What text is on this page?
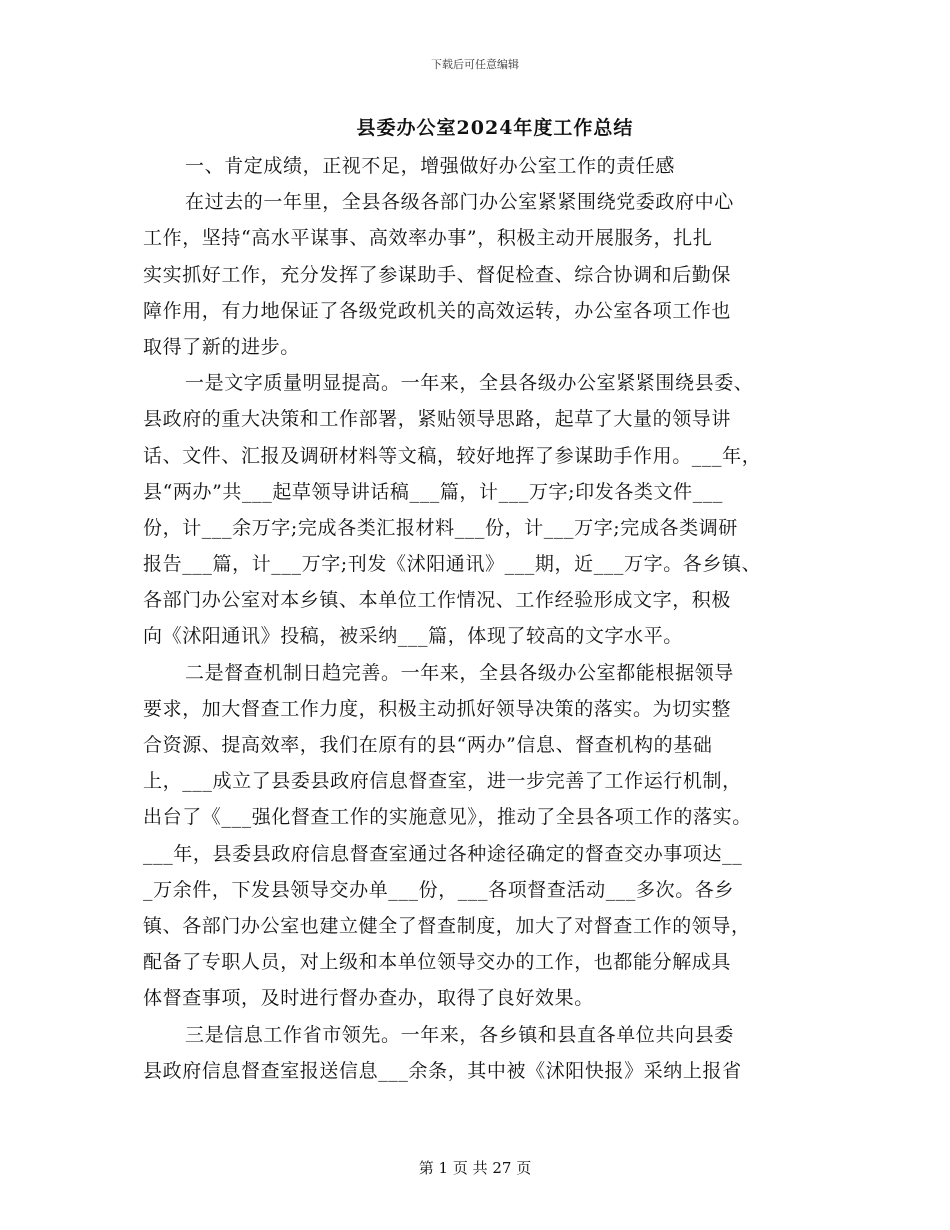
下载后可任意编辑
县委办公室2024年度工作总结
一、肯定成绩，正视不足，增强做好办公室工作的责任感
在过去的一年里，全县各级各部门办公室紧紧围绕党委政府中心
工作，坚持“高水平谋事、高效率办事”，积极主动开展服务，扎扎
实实抓好工作，充分发挥了参谋助手、督促检查、综合协调和后勤保
障作用，有力地保证了各级党政机关的高效运转，办公室各项工作也
取得了新的进步。
一是文字质量明显提高。一年来，全县各级办公室紧紧围绕县委、
县政府的重大决策和工作部署，紧贴领导思路，起草了大量的领导讲
话、文件、汇报及调研材料等文稿，较好地挥了参谋助手作用。___年，
县“两办”共___起草领导讲话稿___篇，计___万字;印发各类文件___
份，计___余万字;完成各类汇报材料___份，计___万字;完成各类调研
报告___篇，计___万字;刊发《沭阳通讯》___期，近___万字。各乡镇、
各部门办公室对本乡镇、本单位工作情况、工作经验形成文字，积极
向《沭阳通讯》投稿，被采纳___篇，体现了较高的文字水平。
二是督查机制日趋完善。一年来，全县各级办公室都能根据领导
要求，加大督查工作力度，积极主动抓好领导决策的落实。为切实整
合资源、提高效率，我们在原有的县“两办”信息、督查机构的基础
上，___成立了县委县政府信息督查室，进一步完善了工作运行机制，
出台了《___强化督查工作的实施意见》，推动了全县各项工作的落实。
___年，县委县政府信息督查室通过各种途径确定的督查交办事项达__
_万余件，下发县领导交办单___份，___各项督查活动___多次。各乡
镇、各部门办公室也建立健全了督查制度，加大了对督查工作的领导，
配备了专职人员，对上级和本单位领导交办的工作，也都能分解成具
体督查事项，及时进行督办查办，取得了良好效果。
三是信息工作省市领先。一年来，各乡镇和县直各单位共向县委
县政府信息督查室报送信息___余条，其中被《沭阳快报》采纳上报省
第 1 页 共 27 页
